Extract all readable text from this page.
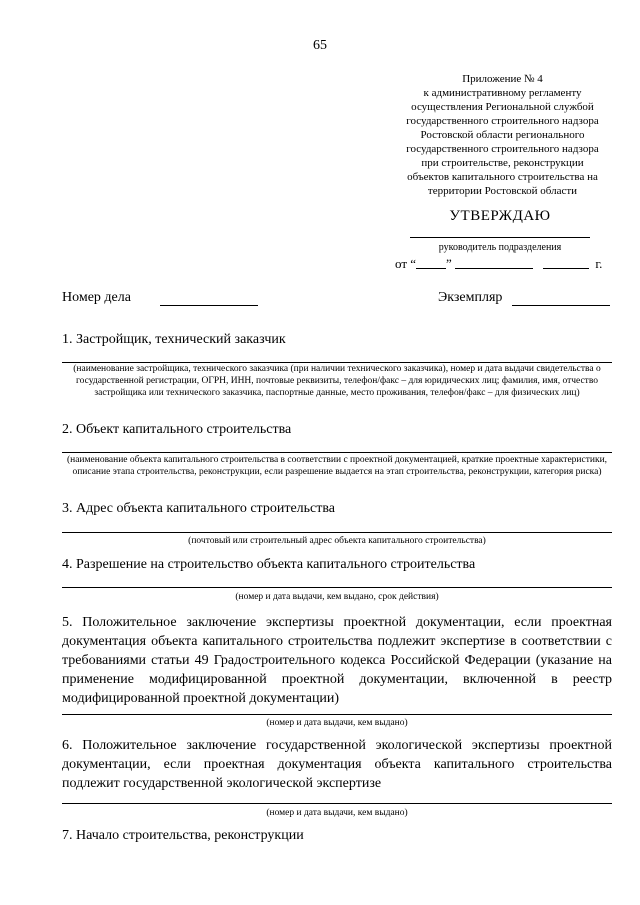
65
Приложение № 4
к административному регламенту
осуществления Региональной службой
государственного строительного надзора
Ростовской области регионального
государственного строительного надзора
при строительстве, реконструкции
объектов капитального строительства на
территории Ростовской области
УТВЕРЖДАЮ
руководитель подразделения
от “ ”	г.
Номер дела	Экземпляр
1. Застройщик, технический заказчик
(наименование застройщика, технического заказчика (при наличии технического заказчика), номер и дата выдачи свидетельства о государственной регистрации, ОГРН, ИНН, почтовые реквизиты, телефон/факс – для юридических лиц; фамилия, имя, отчество застройщика или технического заказчика, паспортные данные, место проживания, телефон/факс – для физических лиц)
2. Объект капитального строительства
(наименование объекта капитального строительства в соответствии с проектной документацией, краткие проектные характеристики, описание этапа строительства, реконструкции, если разрешение выдается на этап строительства, реконструкции, категория риска)
3. Адрес объекта капитального строительства
(почтовый или строительный адрес объекта капитального строительства)
4. Разрешение на строительство объекта капитального строительства
(номер и дата выдачи, кем выдано, срок действия)
5. Положительное заключение экспертизы проектной документации, если проектная документация объекта капитального строительства подлежит экспертизе в соответствии с требованиями статьи 49 Градостроительного кодекса Российской Федерации (указание на применение модифицированной проектной документации, включенной в реестр модифицированной проектной документации)
(номер и дата выдачи, кем выдано)
6. Положительное заключение государственной экологической экспертизы проектной документации, если проектная документация объекта капитального строительства подлежит государственной экологической экспертизе
(номер и дата выдачи, кем выдано)
7. Начало строительства, реконструкции
